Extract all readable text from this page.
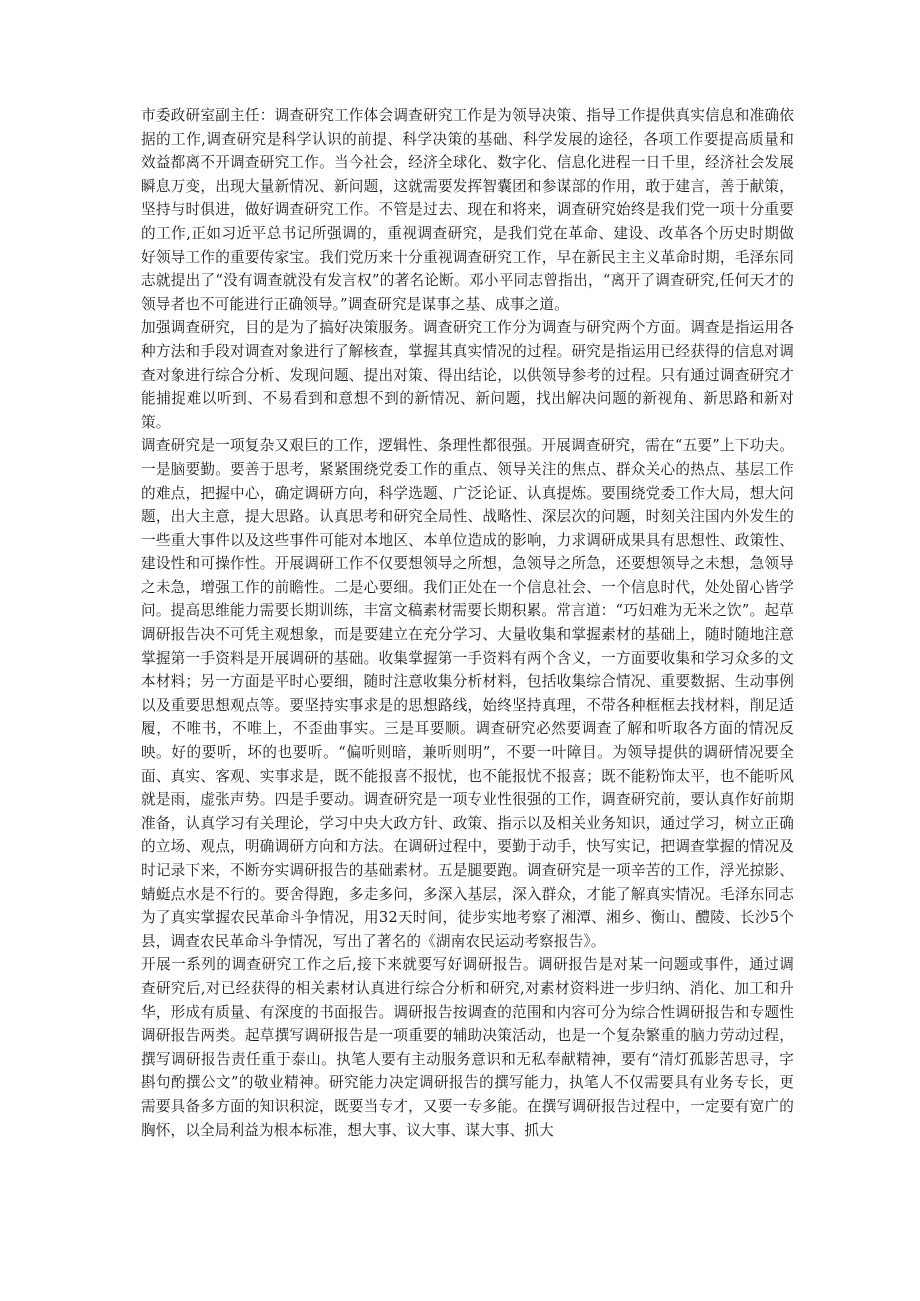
市委政研室副主任：调查研究工作体会调查研究工作是为领导决策、指导工作提供真实信息和准确依据的工作,调查研究是科学认识的前提、科学决策的基础、科学发展的途径，各项工作要提高质量和效益都离不开调查研究工作。当今社会，经济全球化、数字化、信息化进程一日千里，经济社会发展瞬息万变，出现大量新情况、新问题，这就需要发挥智囊团和参谋部的作用，敢于建言，善于献策，坚持与时俱进，做好调查研究工作。不管是过去、现在和将来，调查研究始终是我们党一项十分重要的工作,正如习近平总书记所强调的，重视调查研究，是我们党在革命、建设、改革各个历史时期做好领导工作的重要传家宝。我们党历来十分重视调查研究工作，早在新民主主义革命时期，毛泽东同志就提出了“没有调查就没有发言权”的著名论断。邓小平同志曾指出，“离开了调查研究,任何天才的领导者也不可能进行正确领导。”调查研究是谋事之基、成事之道。

加强调查研究，目的是为了搞好决策服务。调查研究工作分为调查与研究两个方面。调查是指运用各种方法和手段对调查对象进行了解核查，掌握其真实情况的过程。研究是指运用已经获得的信息对调查对象进行综合分析、发现问题、提出对策、得出结论，以供领导参考的过程。只有通过调查研究才能捕捉难以听到、不易看到和意想不到的新情况、新问题，找出解决问题的新视角、新思路和新对策。

调查研究是一项复杂又艰巨的工作，逻辑性、条理性都很强。开展调查研究，需在“五要”上下功夫。一是脑要勤。要善于思考，紧紧围绕党委工作的重点、领导关注的焦点、群众关心的热点、基层工作的难点，把握中心，确定调研方向，科学选题、广泛论证、认真提炼。要围绕党委工作大局，想大问题，出大主意，提大思路。认真思考和研究全局性、战略性、深层次的问题，时刻关注国内外发生的一些重大事件以及这些事件可能对本地区、本单位造成的影响，力求调研成果具有思想性、政策性、建设性和可操作性。开展调研工作不仅要想领导之所想，急领导之所急，还要想领导之未想，急领导之未急，增强工作的前瞻性。二是心要细。我们正处在一个信息社会、一个信息时代，处处留心皆学问。提高思维能力需要长期训练，丰富文稿素材需要长期积累。常言道：“巧妇难为无米之饮”。起草调研报告决不可凭主观想象，而是要建立在充分学习、大量收集和掌握素材的基础上，随时随地注意掌握第一手资料是开展调研的基础。收集掌握第一手资料有两个含义，一方面要收集和学习众多的文本材料；另一方面是平时心要细，随时注意收集分析材料，包括收集综合情况、重要数据、生动事例以及重要思想观点等。要坚持实事求是的思想路线，始终坚持真理，不带各种框框去找材料，削足适履，不唯书，不唯上，不歪曲事实。三是耳要顺。调查研究必然要调查了解和听取各方面的情况反映。好的要听，坏的也要听。“偏听则暗，兼听则明”，不要一叶障目。为领导提供的调研情况要全面、真实、客观、实事求是，既不能报喜不报忧，也不能报忧不报喜；既不能粉饰太平，也不能听风就是雨，虚张声势。四是手要动。调查研究是一项专业性很强的工作，调查研究前，要认真作好前期准备，认真学习有关理论，学习中央大政方针、政策、指示以及相关业务知识，通过学习，树立正确的立场、观点，明确调研方向和方法。在调研过程中，要勤于动手，快写实记，把调查掌握的情况及时记录下来，不断夯实调研报告的基础素材。五是腿要跑。调查研究是一项辛苦的工作，浮光掠影、蜻蜓点水是不行的。要舍得跑，多走多问，多深入基层，深入群众，才能了解真实情况。毛泽东同志为了真实掌握农民革命斗争情况，用32天时间，徒步实地考察了湘潭、湘乡、衡山、醴陵、长沙5个县，调查农民革命斗争情况，写出了著名的《湖南农民运动考察报告》。

开展一系列的调查研究工作之后,接下来就要写好调研报告。调研报告是对某一问题或事件，通过调查研究后,对已经获得的相关素材认真进行综合分析和研究,对素材资料进一步归纳、消化、加工和升华，形成有质量、有深度的书面报告。调研报告按调查的范围和内容可分为综合性调研报告和专题性调研报告两类。起草撰写调研报告是一项重要的辅助决策活动，也是一个复杂繁重的脑力劳动过程，撰写调研报告责任重于泰山。执笔人要有主动服务意识和无私奉献精神，要有“清灯孤影苦思寻，字斟句酌撰公文”的敬业精神。研究能力决定调研报告的撰写能力，执笔人不仅需要具有业务专长，更需要具备多方面的知识积淀，既要当专才，又要一专多能。在撰写调研报告过程中，一定要有宽广的胸怀，以全局利益为根本标准，想大事、议大事、谋大事、抓大
